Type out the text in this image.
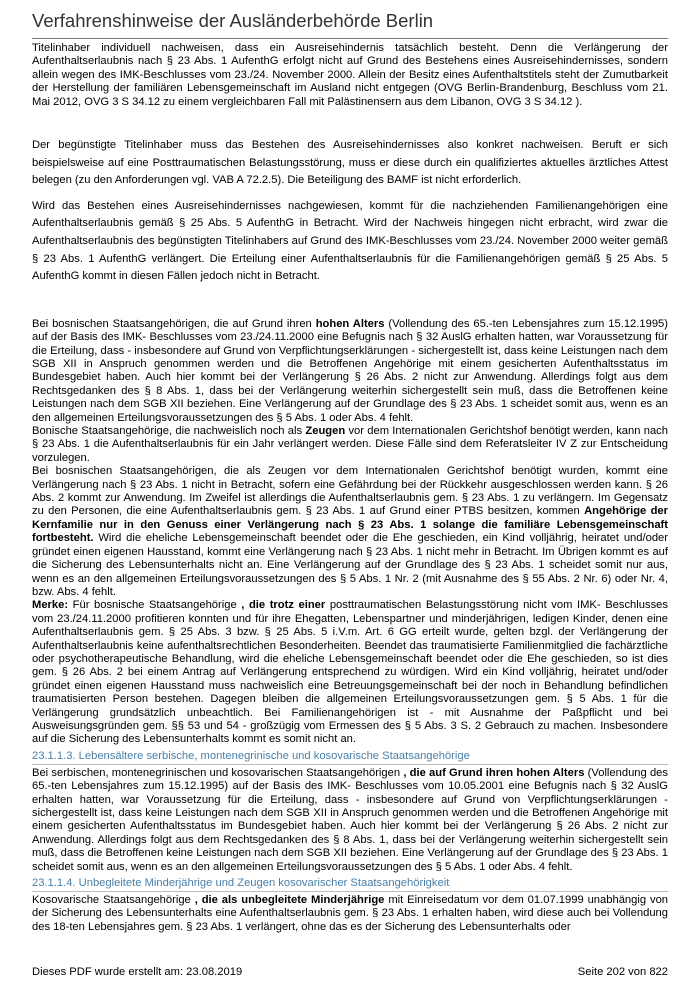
Verfahrenshinweise der Ausländerbehörde Berlin

Titelinhaber individuell nachweisen, dass ein Ausreisehindernis tatsächlich besteht. Denn die Verlängerung der Aufenthaltserlaubnis nach § 23 Abs. 1 AufenthG erfolgt nicht auf Grund des Bestehens eines Ausreisehindernisses, sondern allein wegen des IMK-Beschlusses vom 23./24. November 2000. Allein der Besitz eines Aufenthaltstitels steht der Zumutbarkeit der Herstellung der familiären Lebensgemeinschaft im Ausland nicht entgegen (OVG Berlin-Brandenburg, Beschluss vom 21. Mai 2012, OVG 3 S 34.12 zu einem vergleichbaren Fall mit Palästinensern aus dem Libanon, OVG 3 S 34.12 ).

Der begünstigte Titelinhaber muss das Bestehen des Ausreisehindernisses also konkret nachweisen. Beruft er sich beispielsweise auf eine Posttraumatischen Belastungsstörung, muss er diese durch ein qualifiziertes aktuelles ärztliches Attest belegen (zu den Anforderungen vgl. VAB A 72.2.5). Die Beteiligung des BAMF ist nicht erforderlich.

Wird das Bestehen eines Ausreisehindernisses nachgewiesen, kommt für die nachziehenden Familienangehörigen eine Aufenthaltserlaubnis gemäß § 25 Abs. 5 AufenthG in Betracht. Wird der Nachweis hingegen nicht erbracht, wird zwar die Aufenthaltserlaubnis des begünstigten Titelinhabers auf Grund des IMK-Beschlusses vom 23./24. November 2000 weiter gemäß § 23 Abs. 1 AufenthG verlängert. Die Erteilung einer Aufenthaltserlaubnis für die Familienangehörigen gemäß § 25 Abs. 5 AufenthG kommt in diesen Fällen jedoch nicht in Betracht.

Bei bosnischen Staatsangehörigen, die auf Grund ihren hohen Alters (Vollendung des 65.-ten Lebensjahres zum 15.12.1995) auf der Basis des IMK- Beschlusses vom 23./24.11.2000 eine Befugnis nach § 32 AuslG erhalten hatten, war Voraussetzung für die Erteilung, dass - insbesondere auf Grund von Verpflichtungserklärungen - sichergestellt ist, dass keine Leistungen nach dem SGB XII in Anspruch genommen werden und die Betroffenen Angehörige mit einem gesicherten Aufenthaltsstatus im Bundesgebiet haben. Auch hier kommt bei der Verlängerung § 26 Abs. 2 nicht zur Anwendung. Allerdings folgt aus dem Rechtsgedanken des § 8 Abs. 1, dass bei der Verlängerung weiterhin sichergestellt sein muß, dass die Betroffenen keine Leistungen nach dem SGB XII beziehen. Eine Verlängerung auf der Grundlage des § 23 Abs. 1 scheidet somit aus, wenn es an den allgemeinen Erteilungsvoraussetzungen des § 5 Abs. 1 oder Abs. 4 fehlt.

Bonische Staatsangehörige, die nachweislich noch als Zeugen vor dem Internationalen Gerichtshof benötigt werden, kann nach § 23 Abs. 1 die Aufenthaltserlaubnis für ein Jahr verlängert werden. Diese Fälle sind dem Referatsleiter IV Z zur Entscheidung vorzulegen.

Bei bosnischen Staatsangehörigen, die als Zeugen vor dem Internationalen Gerichtshof benötigt wurden, kommt eine Verlängerung nach § 23 Abs. 1 nicht in Betracht, sofern eine Gefährdung bei der Rückkehr ausgeschlossen werden kann. § 26 Abs. 2 kommt zur Anwendung. Im Zweifel ist allerdings die Aufenthaltserlaubnis gem. § 23 Abs. 1 zu verlängern. Im Gegensatz zu den Personen, die eine Aufenthaltserlaubnis gem. § 23 Abs. 1 auf Grund einer PTBS besitzen, kommen Angehörige der Kernfamilie nur in den Genuss einer Verlängerung nach § 23 Abs. 1 solange die familiäre Lebensgemeinschaft fortbesteht. Wird die eheliche Lebensgemeinschaft beendet oder die Ehe geschieden, ein Kind volljährig, heiratet und/oder gründet einen eigenen Hausstand, kommt eine Verlängerung nach § 23 Abs. 1 nicht mehr in Betracht. Im Übrigen kommt es auf die Sicherung des Lebensunterhalts nicht an. Eine Verlängerung auf der Grundlage des § 23 Abs. 1 scheidet somit nur aus, wenn es an den allgemeinen Erteilungsvoraussetzungen des § 5 Abs. 1 Nr. 2 (mit Ausnahme des § 55 Abs. 2 Nr. 6) oder Nr. 4, bzw. Abs. 4 fehlt.

Merke: Für bosnische Staatsangehörige , die trotz einer posttraumatischen Belastungsstörung nicht vom IMK- Beschlusses vom 23./24.11.2000 profitieren konnten und für ihre Ehegatten, Lebenspartner und minderjährigen, ledigen Kinder, denen eine Aufenthaltserlaubnis gem. § 25 Abs. 3 bzw. § 25 Abs. 5 i.V.m. Art. 6 GG erteilt wurde, gelten bzgl. der Verlängerung der Aufenthaltserlaubnis keine aufenthaltsrechtlichen Besonderheiten. Beendet das traumatisierte Familienmitglied die fachärztliche oder psychotherapeutische Behandlung, wird die eheliche Lebensgemeinschaft beendet oder die Ehe geschieden, so ist dies gem. § 26 Abs. 2 bei einem Antrag auf Verlängerung entsprechend zu würdigen. Wird ein Kind volljährig, heiratet und/oder gründet einen eigenen Hausstand muss nachweislich eine Betreuungsgemeinschaft bei der noch in Behandlung befindlichen traumatisierten Person bestehen. Dagegen bleiben die allgemeinen Erteilungsvoraussetzungen gem. § 5 Abs. 1 für die Verlängerung grundsätzlich unbeachtlich. Bei Familienangehörigen ist - mit Ausnahme der Paßpflicht und bei Ausweisungsgründen gem. §§ 53 und 54 - großzügig vom Ermessen des § 5 Abs. 3 S. 2 Gebrauch zu machen. Insbesondere auf die Sicherung des Lebensunterhalts kommt es somit nicht an.

23.1.1.3. Lebensältere serbische, montenegrinische und kosovarische Staatsangehörige

Bei serbischen, montenegrinischen und kosovarischen Staatsangehörigen , die auf Grund ihren hohen Alters (Vollendung des 65.-ten Lebensjahres zum 15.12.1995) auf der Basis des IMK- Beschlusses vom 10.05.2001 eine Befugnis nach § 32 AuslG erhalten hatten, war Voraussetzung für die Erteilung, dass - insbesondere auf Grund von Verpflichtungserklärungen - sichergestellt ist, dass keine Leistungen nach dem SGB XII in Anspruch genommen werden und die Betroffenen Angehörige mit einem gesicherten Aufenthaltsstatus im Bundesgebiet haben. Auch hier kommt bei der Verlängerung § 26 Abs. 2 nicht zur Anwendung. Allerdings folgt aus dem Rechtsgedanken des § 8 Abs. 1, dass bei der Verlängerung weiterhin sichergestellt sein muß, dass die Betroffenen keine Leistungen nach dem SGB XII beziehen. Eine Verlängerung auf der Grundlage des § 23 Abs. 1 scheidet somit aus, wenn es an den allgemeinen Erteilungsvoraussetzungen des § 5 Abs. 1 oder Abs. 4 fehlt.

23.1.1.4. Unbegleitete Minderjährige und Zeugen kosovarischer Staatsangehörigkeit

Kosovarische Staatsangehörige , die als unbegleitete Minderjährige mit Einreisedatum vor dem 01.07.1999 unabhängig von der Sicherung des Lebensunterhalts eine Aufenthaltserlaubnis gem. § 23 Abs. 1 erhalten haben, wird diese auch bei Vollendung des 18-ten Lebensjahres gem. § 23 Abs. 1 verlängert, ohne das es der Sicherung des Lebensunterhalts oder

Dieses PDF wurde erstellt am: 23.08.2019	Seite 202 von 822
